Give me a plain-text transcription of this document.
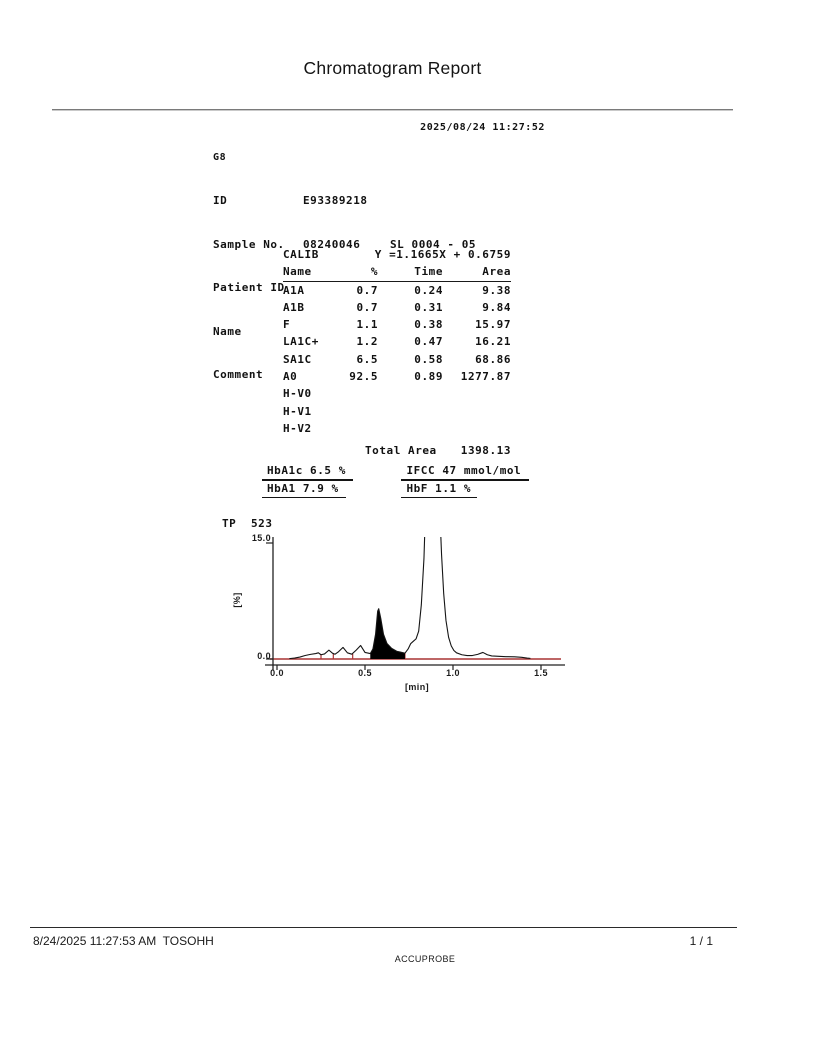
Chromatogram Report

G8

ID	E93389218

Sample No. 08240046	SL 0004 - 05

Patient ID

Name

Comment

2025/08/24 11:27:52
CALIB	Y =1.1665X + 0.6759		
Name	%	Time	Area
A1A	0.7	0.24	9.38
A1B	0.7	0.31	9.84
F	1.1	0.38	15.97
LA1C+	1.2	0.47	16.21
SA1C	6.5	0.58	68.86
A0	92.5	0.89	1277.87
H-V0			
H-V1			
H-V2			
Total Area	1398.13
HbA1c 6.5 %	IFCC 47 mmol/mol
HbA1 7.9 %	HbF 1.1 %
TP 523
15.0
0.0
[%]
0.0	0.5	1.0	1.5
[min]
8/24/2025 11:27:53 AM  TOSOHH	1 / 1
ACCUPROBE
